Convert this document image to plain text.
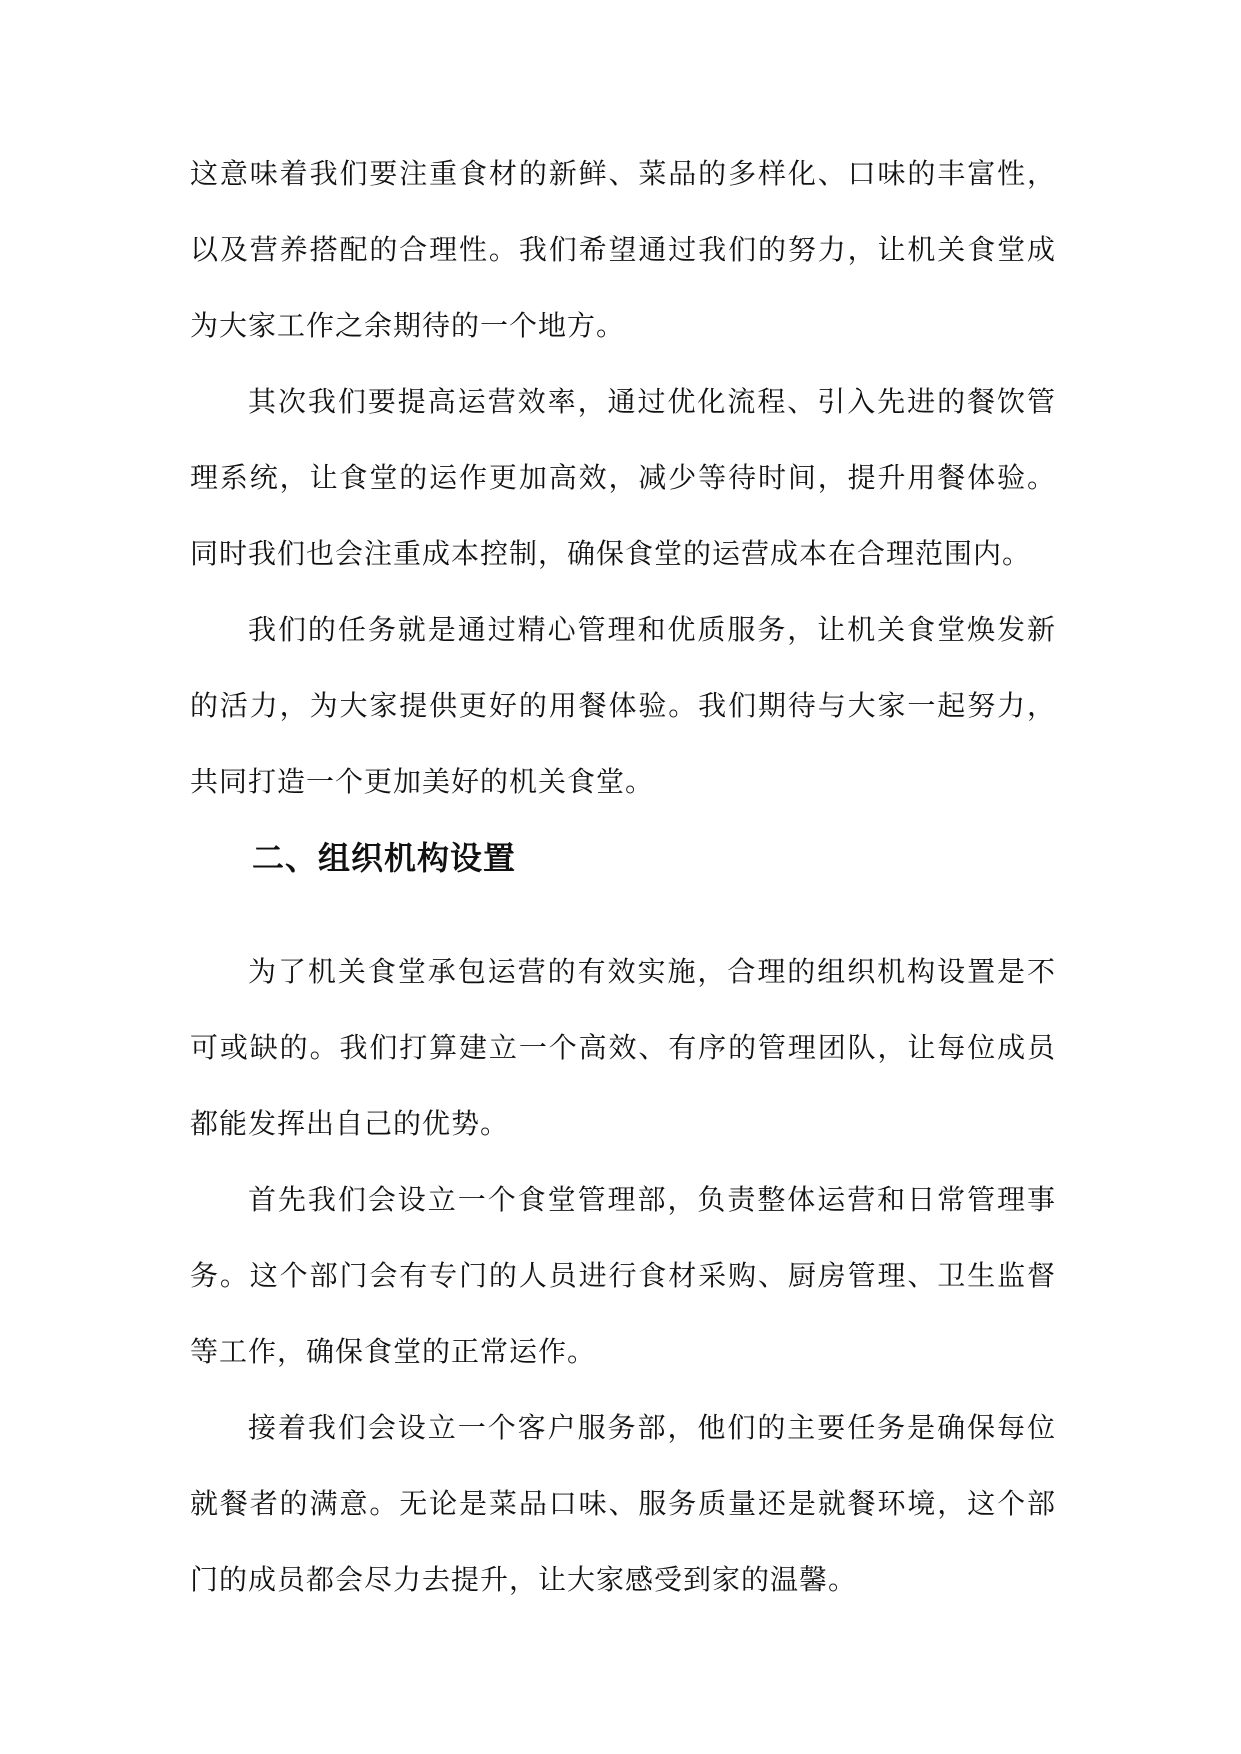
这意味着我们要注重食材的新鲜、菜品的多样化、口味的丰富性，以及营养搭配的合理性。我们希望通过我们的努力，让机关食堂成为大家工作之余期待的一个地方。

其次我们要提高运营效率，通过优化流程、引入先进的餐饮管理系统，让食堂的运作更加高效，减少等待时间，提升用餐体验。同时我们也会注重成本控制，确保食堂的运营成本在合理范围内。

我们的任务就是通过精心管理和优质服务，让机关食堂焕发新的活力，为大家提供更好的用餐体验。我们期待与大家一起努力，共同打造一个更加美好的机关食堂。

二、组织机构设置

为了机关食堂承包运营的有效实施，合理的组织机构设置是不可或缺的。我们打算建立一个高效、有序的管理团队，让每位成员都能发挥出自己的优势。

首先我们会设立一个食堂管理部，负责整体运营和日常管理事务。这个部门会有专门的人员进行食材采购、厨房管理、卫生监督等工作，确保食堂的正常运作。

接着我们会设立一个客户服务部，他们的主要任务是确保每位就餐者的满意。无论是菜品口味、服务质量还是就餐环境，这个部门的成员都会尽力去提升，让大家感受到家的温馨。
